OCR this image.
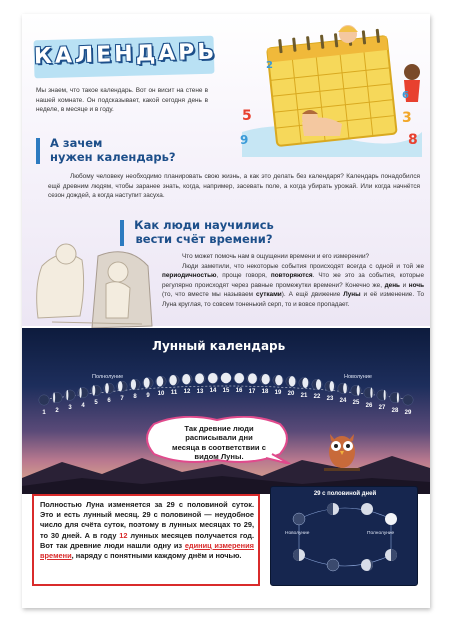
КАЛЕНДАРЬ
Мы знаем, что такое календарь. Вот он висит на стене в нашей комнате. Он подсказывает, какой сегодня день в неделе, в месяце и в году.	5
9
3
8
6
2
А зачем
нужен календарь?
Любому человеку необходимо планировать свою жизнь, а как это делать без календаря? Календарь понадобился ещё древним людям, чтобы заранее знать, когда, например, засевать поле, а когда убирать урожай. Или когда начнётся сезон дождей, а когда наступит засуха.
Как люди научились
вести счёт времени?

Что может помочь нам в ощущении времени и его измерении?

Люди заметили, что некоторые события происходят всегда с одной и той же периодичностью, проще говоря, повторяются. Что же это за события, которые регулярно происходят через равные промежутки времени? Конечно же, день и ночь (то, что вместе мы называем сутками). А ещё движение Луны и её изменение. То Луна круглая, то совсем тоненький серп, то и вовсе пропадает.

Лунный календарь
Полнолуние	Новолуние
1	2	3	4	5	6	7	8	9	10	11	12	13	14	15	16	17	18	19	20	21	22	23	24	25	26	27	28	29
Так древние люди расписывали дни месяца в соответствии с видом Луны.
Полностью Луна изменяется за 29 с половиной суток. Это и есть лунный месяц. 29 с половиной — неудобное число для счёта суток, поэтому в лунных месяцах то 29, то 30 дней. А в году 12 лунных месяцев получается год. Вот так древние люди нашли одну из единиц измерения времени, наряду с понятными каждому днём и ночью.
29 с половиной дней
Новолуние	Полнолуние
